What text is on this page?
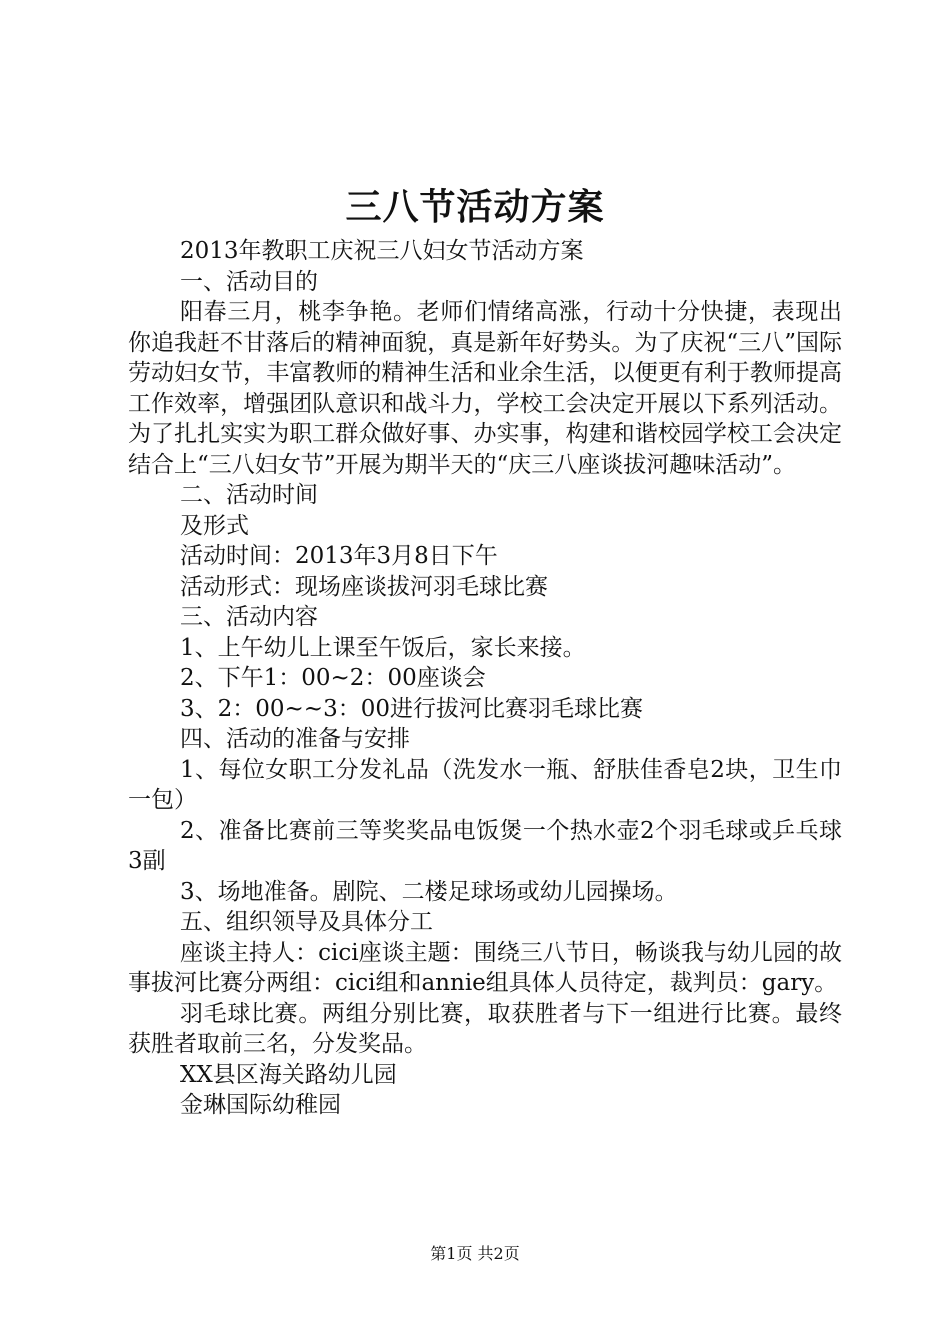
三八节活动方案

2013年教职工庆祝三八妇女节活动方案

一、活动目的

阳春三月，桃李争艳。老师们情绪高涨，行动十分快捷，表现出你追我赶不甘落后的精神面貌，真是新年好势头。为了庆祝“三八”国际劳动妇女节，丰富教师的精神生活和业余生活，以便更有利于教师提高工作效率，增强团队意识和战斗力，学校工会决定开展以下系列活动。为了扎扎实实为职工群众做好事、办实事，构建和谐校园学校工会决定结合上“三八妇女节”开展为期半天的“庆三八座谈拔河趣味活动”。

二、活动时间

及形式

活动时间：2013年3月8日下午

活动形式：现场座谈拔河羽毛球比赛

三、活动内容

1、上午幼儿上课至午饭后，家长来接。

2、下午1：00~2：00座谈会

3、2：00~~3：00进行拔河比赛羽毛球比赛

四、活动的准备与安排

1、每位女职工分发礼品（洗发水一瓶、舒肤佳香皂2块，卫生巾一包）

2、准备比赛前三等奖奖品电饭煲一个热水壶2个羽毛球或乒乓球3副

3、场地准备。剧院、二楼足球场或幼儿园操场。

五、组织领导及具体分工

座谈主持人：cici座谈主题：围绕三八节日，畅谈我与幼儿园的故事拔河比赛分两组：cici组和annie组具体人员待定，裁判员：gary。

羽毛球比赛。两组分别比赛，取获胜者与下一组进行比赛。最终获胜者取前三名，分发奖品。

XX县区海关路幼儿园

金琳国际幼稚园

第1页 共2页
